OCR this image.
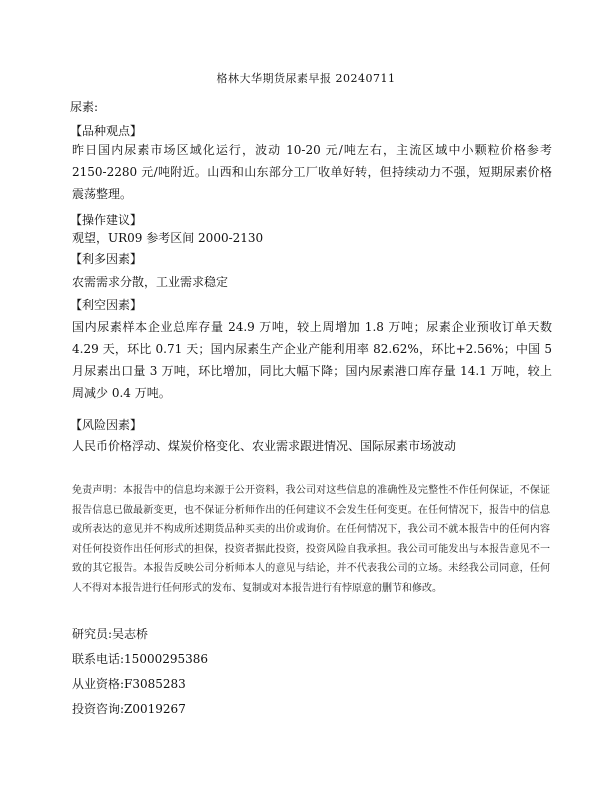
格林大华期货尿素早报 20240711
尿素:
【品种观点】
昨日国内尿素市场区域化运行，波动 10-20 元/吨左右，主流区域中小颗粒价格参考 2150-2280 元/吨附近。山西和山东部分工厂收单好转，但持续动力不强，短期尿素价格震荡整理。
【操作建议】
观望，UR09 参考区间 2000-2130
【利多因素】
农需需求分散，工业需求稳定
【利空因素】
国内尿素样本企业总库存量 24.9 万吨，较上周增加 1.8 万吨；尿素企业预收订单天数 4.29 天，环比 0.71 天；国内尿素生产企业产能利用率 82.62%，环比+2.56%；中国 5 月尿素出口量 3 万吨，环比增加，同比大幅下降；国内尿素港口库存量 14.1 万吨，较上周减少 0.4 万吨。
【风险因素】
人民币价格浮动、煤炭价格变化、农业需求跟进情况、国际尿素市场波动
免责声明：本报告中的信息均来源于公开资料，我公司对这些信息的准确性及完整性不作任何保证，不保证报告信息已做最新变更，也不保证分析师作出的任何建议不会发生任何变更。在任何情况下，报告中的信息或所表达的意见并不构成所述期货品种买卖的出价或询价。在任何情况下，我公司不就本报告中的任何内容对任何投资作出任何形式的担保，投资者据此投资，投资风险自我承担。我公司可能发出与本报告意见不一致的其它报告。本报告反映公司分析师本人的意见与结论，并不代表我公司的立场。未经我公司同意，任何人不得对本报告进行任何形式的发布、复制或对本报告进行有悖原意的删节和修改。
研究员:吴志桥
联系电话:15000295386
从业资格:F3085283
投资咨询:Z0019267
